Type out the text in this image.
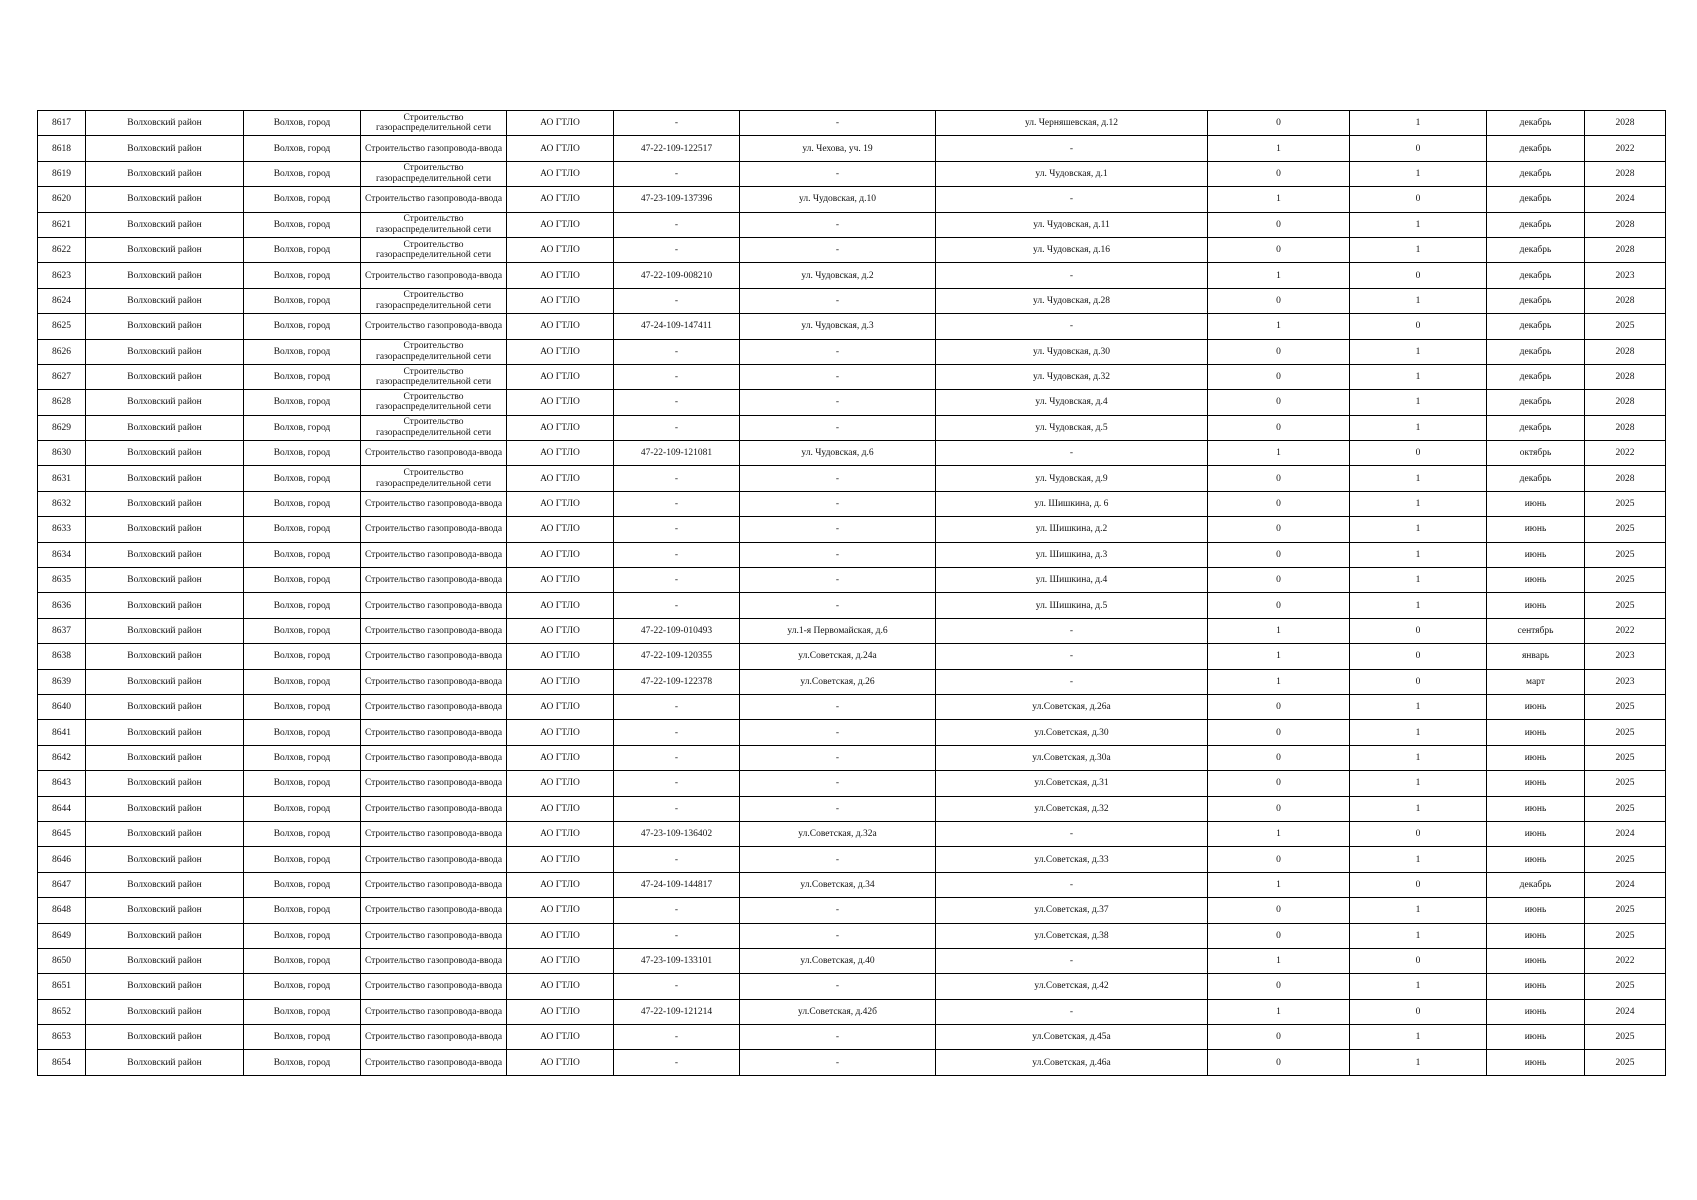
8617	Волховский район	Волхов, город	Строительство газораспределительной сети	АО ГТЛО	-	-	ул. Черняшевская, д.12	0	1	декабрь	2028
8618	Волховский район	Волхов, город	Строительство газопровода-ввода	АО ГТЛО	47-22-109-122517	ул. Чехова, уч. 19	-	1	0	декабрь	2022
8619	Волховский район	Волхов, город	Строительство газораспределительной сети	АО ГТЛО	-	-	ул. Чудовская, д.1	0	1	декабрь	2028
8620	Волховский район	Волхов, город	Строительство газопровода-ввода	АО ГТЛО	47-23-109-137396	ул. Чудовская, д.10	-	1	0	декабрь	2024
8621	Волховский район	Волхов, город	Строительство газораспределительной сети	АО ГТЛО	-	-	ул. Чудовская, д.11	0	1	декабрь	2028
8622	Волховский район	Волхов, город	Строительство газораспределительной сети	АО ГТЛО	-	-	ул. Чудовская, д.16	0	1	декабрь	2028
8623	Волховский район	Волхов, город	Строительство газопровода-ввода	АО ГТЛО	47-22-109-008210	ул. Чудовская, д.2	-	1	0	декабрь	2023
8624	Волховский район	Волхов, город	Строительство газораспределительной сети	АО ГТЛО	-	-	ул. Чудовская, д.28	0	1	декабрь	2028
8625	Волховский район	Волхов, город	Строительство газопровода-ввода	АО ГТЛО	47-24-109-147411	ул. Чудовская, д.3	-	1	0	декабрь	2025
8626	Волховский район	Волхов, город	Строительство газораспределительной сети	АО ГТЛО	-	-	ул. Чудовская, д.30	0	1	декабрь	2028
8627	Волховский район	Волхов, город	Строительство газораспределительной сети	АО ГТЛО	-	-	ул. Чудовская, д.32	0	1	декабрь	2028
8628	Волховский район	Волхов, город	Строительство газораспределительной сети	АО ГТЛО	-	-	ул. Чудовская, д.4	0	1	декабрь	2028
8629	Волховский район	Волхов, город	Строительство газораспределительной сети	АО ГТЛО	-	-	ул. Чудовская, д.5	0	1	декабрь	2028
8630	Волховский район	Волхов, город	Строительство газопровода-ввода	АО ГТЛО	47-22-109-121081	ул. Чудовская, д.6	-	1	0	октябрь	2022
8631	Волховский район	Волхов, город	Строительство газораспределительной сети	АО ГТЛО	-	-	ул. Чудовская, д.9	0	1	декабрь	2028
8632	Волховский район	Волхов, город	Строительство газопровода-ввода	АО ГТЛО	-	-	ул. Шишкина, д. 6	0	1	июнь	2025
8633	Волховский район	Волхов, город	Строительство газопровода-ввода	АО ГТЛО	-	-	ул. Шишкина, д.2	0	1	июнь	2025
8634	Волховский район	Волхов, город	Строительство газопровода-ввода	АО ГТЛО	-	-	ул. Шишкина, д.3	0	1	июнь	2025
8635	Волховский район	Волхов, город	Строительство газопровода-ввода	АО ГТЛО	-	-	ул. Шишкина, д.4	0	1	июнь	2025
8636	Волховский район	Волхов, город	Строительство газопровода-ввода	АО ГТЛО	-	-	ул. Шишкина, д.5	0	1	июнь	2025
8637	Волховский район	Волхов, город	Строительство газопровода-ввода	АО ГТЛО	47-22-109-010493	ул.1-я Первомайская, д.6	-	1	0	сентябрь	2022
8638	Волховский район	Волхов, город	Строительство газопровода-ввода	АО ГТЛО	47-22-109-120355	ул.Советская, д.24а	-	1	0	январь	2023
8639	Волховский район	Волхов, город	Строительство газопровода-ввода	АО ГТЛО	47-22-109-122378	ул.Советская, д.26	-	1	0	март	2023
8640	Волховский район	Волхов, город	Строительство газопровода-ввода	АО ГТЛО	-	-	ул.Советская, д.26а	0	1	июнь	2025
8641	Волховский район	Волхов, город	Строительство газопровода-ввода	АО ГТЛО	-	-	ул.Советская, д.30	0	1	июнь	2025
8642	Волховский район	Волхов, город	Строительство газопровода-ввода	АО ГТЛО	-	-	ул.Советская, д.30а	0	1	июнь	2025
8643	Волховский район	Волхов, город	Строительство газопровода-ввода	АО ГТЛО	-	-	ул.Советская, д.31	0	1	июнь	2025
8644	Волховский район	Волхов, город	Строительство газопровода-ввода	АО ГТЛО	-	-	ул.Советская, д.32	0	1	июнь	2025
8645	Волховский район	Волхов, город	Строительство газопровода-ввода	АО ГТЛО	47-23-109-136402	ул.Советская, д.32а	-	1	0	июнь	2024
8646	Волховский район	Волхов, город	Строительство газопровода-ввода	АО ГТЛО	-	-	ул.Советская, д.33	0	1	июнь	2025
8647	Волховский район	Волхов, город	Строительство газопровода-ввода	АО ГТЛО	47-24-109-144817	ул.Советская, д.34	-	1	0	декабрь	2024
8648	Волховский район	Волхов, город	Строительство газопровода-ввода	АО ГТЛО	-	-	ул.Советская, д.37	0	1	июнь	2025
8649	Волховский район	Волхов, город	Строительство газопровода-ввода	АО ГТЛО	-	-	ул.Советская, д.38	0	1	июнь	2025
8650	Волховский район	Волхов, город	Строительство газопровода-ввода	АО ГТЛО	47-23-109-133101	ул.Советская, д.40	-	1	0	июнь	2022
8651	Волховский район	Волхов, город	Строительство газопровода-ввода	АО ГТЛО	-	-	ул.Советская, д.42	0	1	июнь	2025
8652	Волховский район	Волхов, город	Строительство газопровода-ввода	АО ГТЛО	47-22-109-121214	ул.Советская, д.42б	-	1	0	июнь	2024
8653	Волховский район	Волхов, город	Строительство газопровода-ввода	АО ГТЛО	-	-	ул.Советская, д.45а	0	1	июнь	2025
8654	Волховский район	Волхов, город	Строительство газопровода-ввода	АО ГТЛО	-	-	ул.Советская, д.46а	0	1	июнь	2025
